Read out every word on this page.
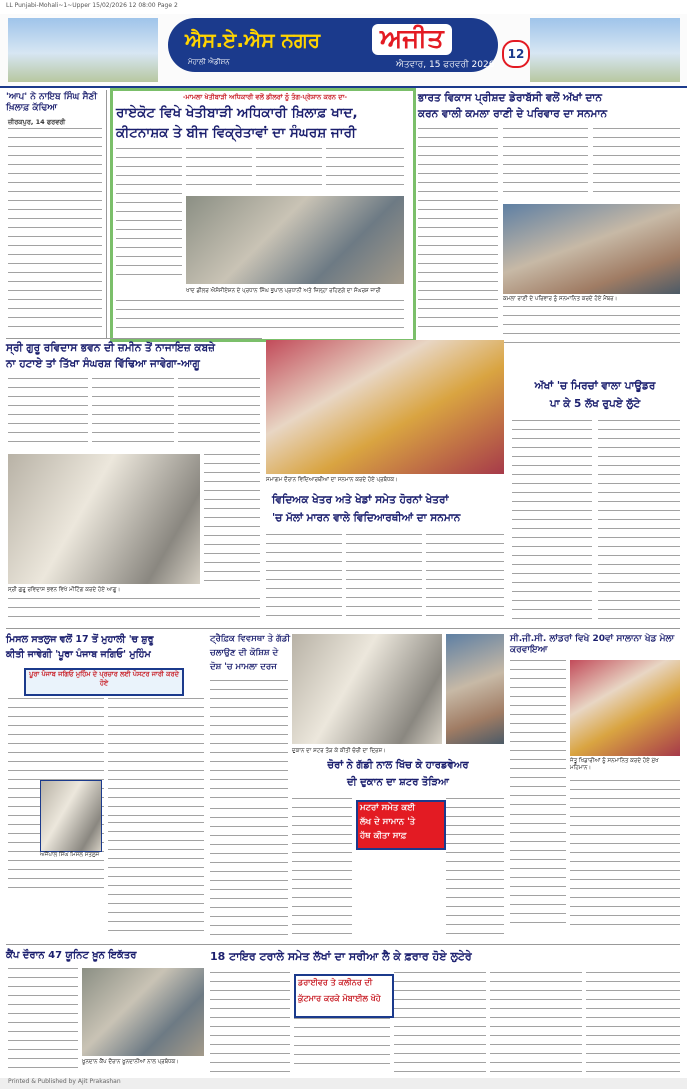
LL Punjabi-Mohali~1~Upper 15/02/2026 12 08:00 Page 2
ਐਸ.ਏ.ਐਸ ਨਗਰ	ਅਜੀਤ
ਮੋਹਾਲੀ ਐਡੀਸ਼ਨ	ਐਤਵਾਰ, 15 ਫਰਵਰੀ 2026
12
'ਆਪ' ਨੇ ਨਾਇਬ ਸਿੰਘ ਸੈਣੀ ਖ਼ਿਲਾਫ਼ ਕੱਢਿਆ
ਜ਼ੀਰਕਪੁਰ, 14 ਫਰਵਰੀ
-ਮਾਮਲਾ ਖੇਤੀਬਾੜੀ ਅਧਿਕਾਰੀ ਵਲੋਂ ਡੀਲਰਾਂ ਨੂੰ ਤੰਗ-ਪ੍ਰੇਸ਼ਾਨ ਕਰਨ ਦਾ-
ਰਾਏਕੋਟ ਵਿਖੇ ਖੇਤੀਬਾੜੀ ਅਧਿਕਾਰੀ ਖ਼ਿਲਾਫ਼ ਖਾਦ,
ਕੀਟਨਾਸ਼ਕ ਤੇ ਬੀਜ ਵਿਕ੍ਰੇਤਾਵਾਂ ਦਾ ਸੰਘਰਸ਼ ਜਾਰੀ
ਖਾਦ ਡੀਲਰ ਐਸੋਸੀਏਸ਼ਨ ਦੇ ਪ੍ਰਧਾਨ ਸਿੰਘ ਭੁਪਾਲ ਪ੍ਰਧਾਨੀ ਅਤੇ ਜ਼ਿਲ੍ਹਾ ਰਹਿਣਗੇ ਦਾ ਸੰਘਰਸ਼ ਜਾਰੀ
ਭਾਰਤ ਵਿਕਾਸ ਪ੍ਰੀਸ਼ਦ ਡੇਰਾਬੱਸੀ ਵਲੋਂ ਅੱਖਾਂ ਦਾਨ
ਕਰਨ ਵਾਲੀ ਕਮਲਾ ਰਾਣੀ ਦੇ ਪਰਿਵਾਰ ਦਾ ਸਨਮਾਨ
ਕਮਲਾ ਰਾਣੀ ਦੇ ਪਰਿਵਾਰ ਨੂੰ ਸਨਮਾਨਿਤ ਕਰਦੇ ਹੋਏ ਮੈਂਬਰ।
ਸ੍ਰੀ ਗੁਰੂ ਰਵਿਦਾਸ ਭਵਨ ਦੀ ਜ਼ਮੀਨ ਤੋਂ ਨਾਜਾਇਜ਼ ਕਬਜ਼ੇ
ਨਾ ਹਟਾਏ ਤਾਂ ਤਿੱਖਾ ਸੰਘਰਸ਼ ਵਿੱਢਿਆ ਜਾਵੇਗਾ-ਆਗੂ
ਸ੍ਰੀ ਗੁਰੂ ਰਵਿਦਾਸ ਭਵਨ ਵਿਖੇ ਮੀਟਿੰਗ ਕਰਦੇ ਹੋਏ ਆਗੂ।
ਸਮਾਗਮ ਦੌਰਾਨ ਵਿਦਿਆਰਥੀਆਂ ਦਾ ਸਨਮਾਨ ਕਰਦੇ ਹੋਏ ਪ੍ਰਬੰਧਕ।
ਵਿਦਿਅਕ ਖੇਤਰ ਅਤੇ ਖੇਡਾਂ ਸਮੇਤ ਹੋਰਨਾਂ ਖੇਤਰਾਂ
'ਚ ਮੱਲਾਂ ਮਾਰਨ ਵਾਲੇ ਵਿਦਿਆਰਥੀਆਂ ਦਾ ਸਨਮਾਨ
ਅੱਖਾਂ 'ਚ ਮਿਰਚਾਂ ਵਾਲਾ ਪਾਊਡਰ
ਪਾ ਕੇ 5 ਲੱਖ ਰੁਪਏ ਲੁੱਟੇ
ਮਿਸਲ ਸਤਲੁਜ ਵਲੋਂ 17 ਤੋਂ ਮੁਹਾਲੀ 'ਚ ਸ਼ੁਰੂ
ਕੀਤੀ ਜਾਵੇਗੀ 'ਪੂਰਾ ਪੰਜਾਬ ਜਗਿਓ' ਮੁਹਿੰਮ
ਪੂਰਾ ਪੰਜਾਬ ਜਗਿਓ ਮੁਹਿੰਮ ਦੇ ਪ੍ਰਚਾਰ ਲਈ ਪੋਸਟਰ ਜਾਰੀ ਕਰਦੇ ਹੋਏ
ਅਜੈਪਾਲ ਸਿੰਘ ਮਿਸਲ ਸਤਲੁਜ
ਟ੍ਰੈਫ਼ਿਕ ਵਿਵਸਥਾ ਤੇ ਗੱਡੀ
ਚਲਾਉਣ ਦੀ ਕੋਸ਼ਿਸ਼ ਦੇ
ਦੋਸ਼ 'ਚ ਮਾਮਲਾ ਦਰਜ
ਦੁਕਾਨ ਦਾ ਸ਼ਟਰ ਤੋੜ ਕੇ ਕੀਤੀ ਚੋਰੀ ਦਾ ਦ੍ਰਿਸ਼।
ਚੋਰਾਂ ਨੇ ਗੱਡੀ ਨਾਲ ਖਿੱਚ ਕੇ ਹਾਰਡਵੇਅਰ
ਦੀ ਦੁਕਾਨ ਦਾ ਸ਼ਟਰ ਤੋੜਿਆ
ਮਟਰਾਂ ਸਮੇਤ ਕਈ
ਲੱਖ ਦੇ ਸਾਮਾਨ 'ਤੇ
ਹੱਥ ਕੀਤਾ ਸਾਫ਼
ਸੀ.ਜੀ.ਸੀ. ਲਾਂਡਰਾਂ ਵਿਖੇ 20ਵਾਂ ਸਾਲਾਨਾ ਖੇਡ ਮੇਲਾ ਕਰਵਾਇਆ
ਜੇਤੂ ਖਿਡਾਰੀਆਂ ਨੂੰ ਸਨਮਾਨਿਤ ਕਰਦੇ ਹੋਏ ਮੁੱਖ ਮਹਿਮਾਨ।
18 ਟਾਇਰ ਟਰਾਲੇ ਸਮੇਤ ਲੱਖਾਂ ਦਾ ਸਰੀਆ ਲੈ ਕੇ ਫ਼ਰਾਰ ਹੋਏ ਲੁਟੇਰੇ
ਡਰਾਈਵਰ ਤੇ ਕਲੀਨਰ ਦੀ
ਕੁੱਟਮਾਰ ਕਰਕੇ ਮੋਬਾਈਲ ਖੋਹੇ
ਕੈਂਪ ਦੌਰਾਨ 47 ਯੂਨਿਟ ਖ਼ੂਨ ਇਕੱਤਰ
ਖ਼ੂਨਦਾਨ ਕੈਂਪ ਦੌਰਾਨ ਖ਼ੂਨਦਾਨੀਆਂ ਨਾਲ ਪ੍ਰਬੰਧਕ।
Printed & Published by Ajit Prakashan
